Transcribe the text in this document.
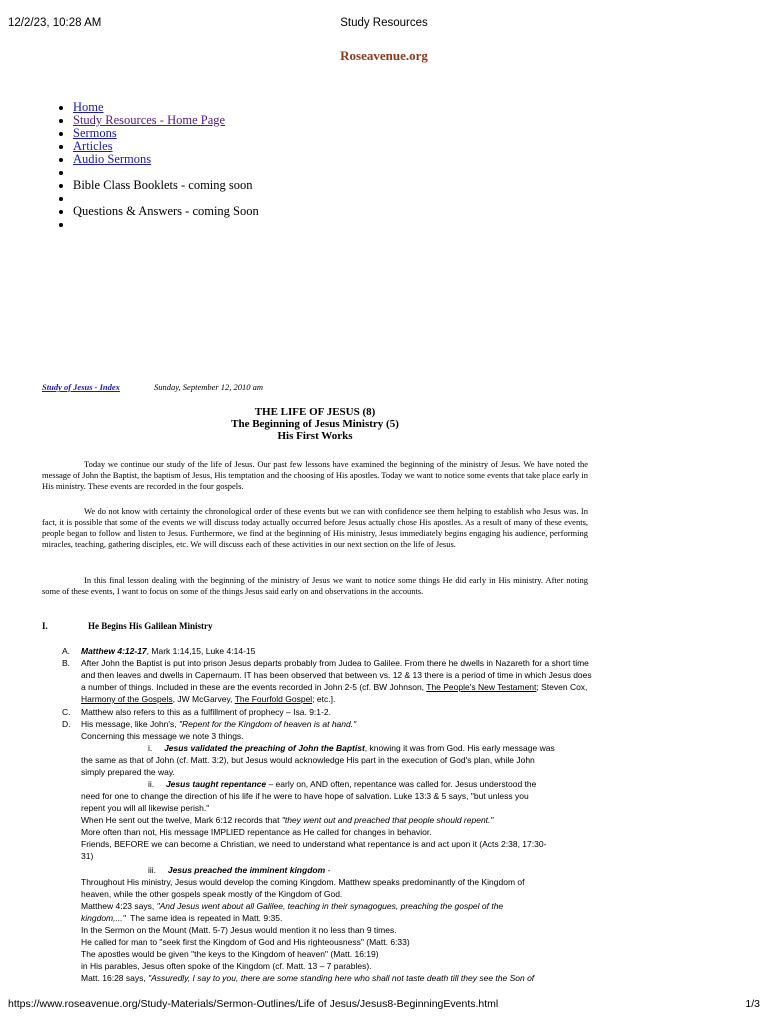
12/2/23, 10:28 AM	Study Resources
Roseavenue.org
• Home
• Study Resources - Home Page
• Sermons
• Articles
• Audio Sermons
•
• Bible Class Booklets - coming soon
•
• Questions & Answers - coming Soon
•
Study of Jesus - Index	Sunday, September 12, 2010 am
THE LIFE OF JESUS (8)
The Beginning of Jesus Ministry (5)
His First Works

Today we continue our study of the life of Jesus. Our past few lessons have examined the beginning of the ministry of Jesus. We have noted the message of John the Baptist, the baptism of Jesus, His temptation and the choosing of His apostles. Today we want to notice some events that take place early in His ministry. These events are recorded in the four gospels.

We do not know with certainty the chronological order of these events but we can with confidence see them helping to establish who Jesus was. In fact, it is possible that some of the events we will discuss today actually occurred before Jesus actually chose His apostles. As a result of many of these events, people began to follow and listen to Jesus. Furthermore, we find at the beginning of His ministry, Jesus immediately begins engaging his audience, performing miracles, teaching, gathering disciples, etc. We will discuss each of these activities in our next section on the life of Jesus.

In this final lesson dealing with the beginning of the ministry of Jesus we want to notice some things He did early in His ministry. After noting some of these events, I want to focus on some of the things Jesus said early on and observations in the accounts.

I.	He Begins His Galilean Ministry
A. Matthew 4:12-17, Mark 1:14,15, Luke 4:14-15
B. After John the Baptist is put into prison Jesus departs probably from Judea to Galilee. From there he dwells in Nazareth for a short time and then leaves and dwells in Capernaum. IT has been observed that between vs. 12 & 13 there is a period of time in which Jesus does a number of things. Included in these are the events recorded in John 2-5 (cf. BW Johnson, The People's New Testament; Steven Cox, Harmony of the Gospels, JW McGarvey, The Fourfold Gospel; etc.].
C. Matthew also refers to this as a fulfillment of prophecy – Isa. 9:1-2.
D. His message, like John's, "Repent for the Kingdom of heaven is at hand."
Concerning this message we note 3 things.
i. Jesus validated the preaching of John the Baptist, knowing it was from God. His early message was
the same as that of John (cf. Matt. 3:2), but Jesus would acknowledge His part in the execution of God's plan, while John
simply prepared the way.
ii. Jesus taught repentance – early on, AND often, repentance was called for. Jesus understood the
need for one to change the direction of his life if he were to have hope of salvation. Luke 13:3 & 5 says, "but unless you
repent you will all likewise perish."
When He sent out the twelve, Mark 6:12 records that "they went out and preached that people should repent."
More often than not, His message IMPLIED repentance as He called for changes in behavior.
Friends, BEFORE we can become a Christian, we need to understand what repentance is and act upon it (Acts 2:38, 17:30-
31)
iii. Jesus preached the imminent kingdom -
Throughout His ministry, Jesus would develop the coming Kingdom. Matthew speaks predominantly of the Kingdom of
heaven, while the other gospels speak mostly of the Kingdom of God.
Matthew 4:23 says, "And Jesus went about all Galilee, teaching in their synagogues, preaching the gospel of the
kingdom,..." The same idea is repeated in Matt. 9:35.
In the Sermon on the Mount (Matt. 5-7) Jesus would mention it no less than 9 times.
He called for man to "seek first the Kingdom of God and His righteousness" (Matt. 6:33)
The apostles would be given "the keys to the Kingdom of heaven" (Matt. 16:19)
in His parables, Jesus often spoke of the Kingdom (cf. Matt. 13 – 7 parables).
Matt. 16:28 says, "Assuredly, I say to you, there are some standing here who shall not taste death till they see the Son of
https://www.roseavenue.org/Study-Materials/Sermon-Outlines/Life of Jesus/Jesus8-BeginningEvents.html	1/3
